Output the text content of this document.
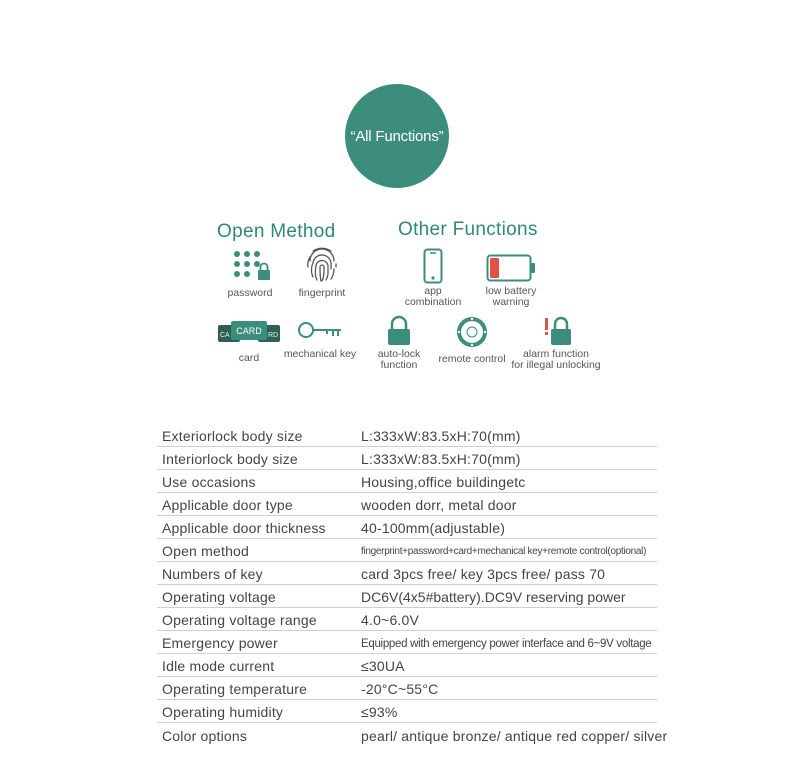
“All Functions”
Open Method	Other Functions
password fingerprint
CARD
CA	RD
card mechanical key
app
combination
low battery
warning
auto-lock
function remote control alarm function
for illegal unlocking
Exteriorlock body size	L:333xW:83.5xH:70(mm)
Interiorlock body size	L:333xW:83.5xH:70(mm)
Use occasions	Housing,office buildingetc
Applicable door type	wooden dorr, metal door
Applicable door thickness	40-100mm(adjustable)
Open method	fingerprint+password+card+mechanical key+remote control(optional)
Numbers of key	card 3pcs free/ key 3pcs free/ pass 70
Operating voltage	DC6V(4x5#battery).DC9V reserving power
Operating voltage range	4.0~6.0V
Emergency power	Equipped with emergency power interface and 6~9V voltage
Idle mode current	≤30UA
Operating temperature	-20°C~55°C
Operating humidity	≤93%
Color options	pearl/ antique bronze/ antique red copper/ silver
